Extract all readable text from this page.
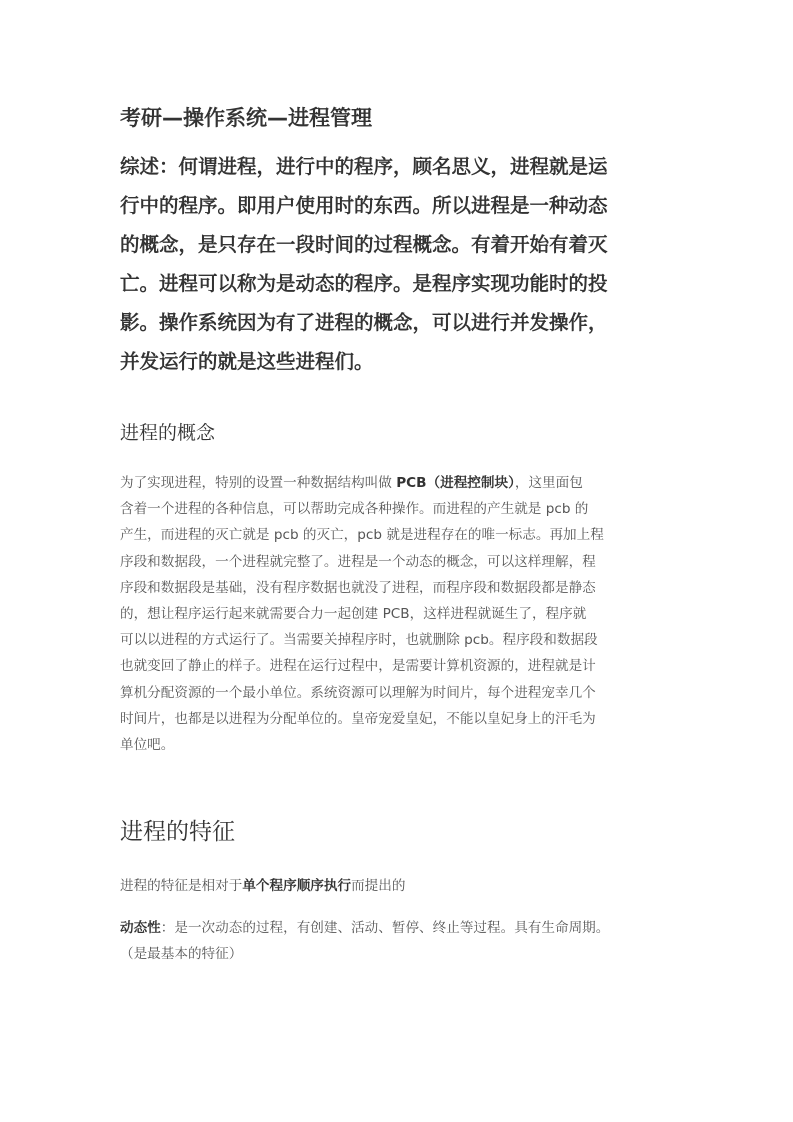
考研—操作系统—进程管理
综述：何谓进程，进行中的程序，顾名思义，进程就是运
行中的程序。即用户使用时的东西。所以进程是一种动态
的概念，是只存在一段时间的过程概念。有着开始有着灭
亡。进程可以称为是动态的程序。是程序实现功能时的投
影。操作系统因为有了进程的概念，可以进行并发操作，
并发运行的就是这些进程们。
进程的概念
为了实现进程，特别的设置一种数据结构叫做 PCB（进程控制块），这里面包
含着一个进程的各种信息，可以帮助完成各种操作。而进程的产生就是 pcb 的
产生，而进程的灭亡就是 pcb 的灭亡，pcb 就是进程存在的唯一标志。再加上程
序段和数据段，一个进程就完整了。进程是一个动态的概念，可以这样理解，程
序段和数据段是基础，没有程序数据也就没了进程，而程序段和数据段都是静态
的，想让程序运行起来就需要合力一起创建 PCB，这样进程就诞生了，程序就
可以以进程的方式运行了。当需要关掉程序时，也就删除 pcb。程序段和数据段
也就变回了静止的样子。进程在运行过程中，是需要计算机资源的，进程就是计
算机分配资源的一个最小单位。系统资源可以理解为时间片，每个进程宠幸几个
时间片，也都是以进程为分配单位的。皇帝宠爱皇妃，不能以皇妃身上的汗毛为
单位吧。
进程的特征
进程的特征是相对于单个程序顺序执行而提出的
动态性：是一次动态的过程，有创建、活动、暂停、终止等过程。具有生命周期。
（是最基本的特征）
